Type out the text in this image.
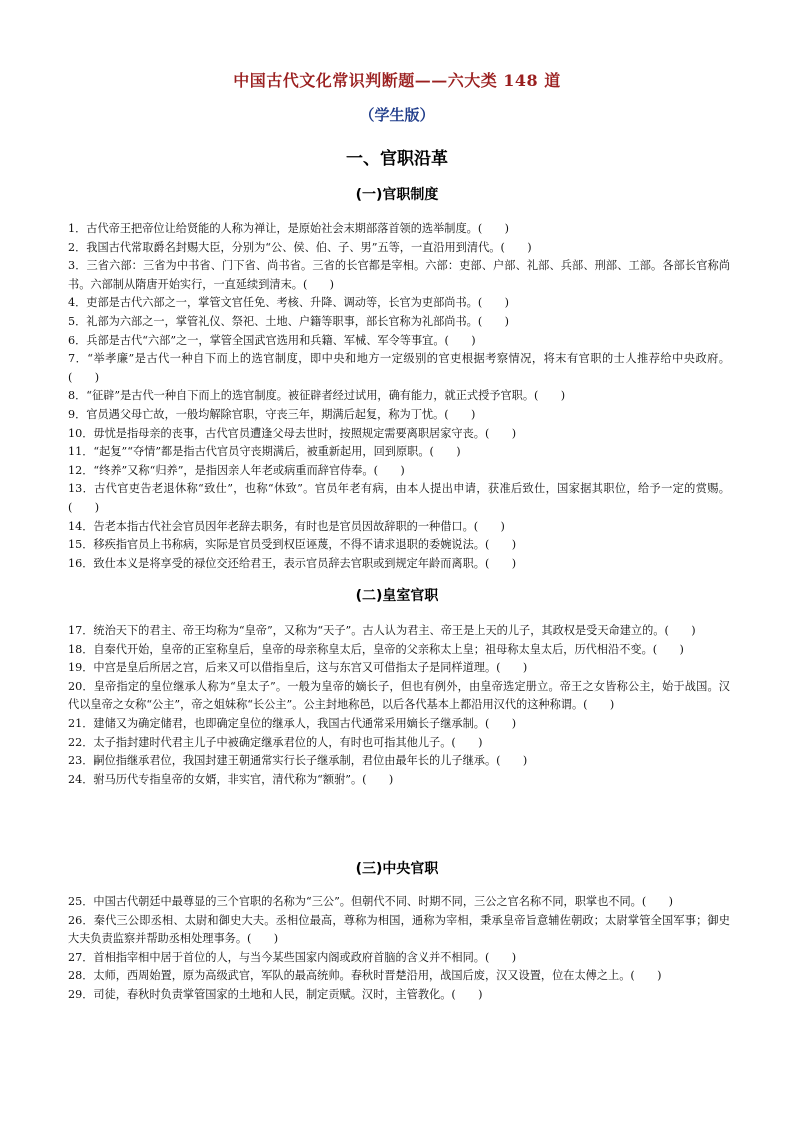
中国古代文化常识判断题——六大类 148 道
（学生版）
一、官职沿革
(一)官职制度
1．古代帝王把帝位让给贤能的人称为禅让，是原始社会末期部落首领的选举制度。(　　)
2．我国古代常取爵名封赐大臣，分别为“公、侯、伯、子、男”五等，一直沿用到清代。(　　)
3．三省六部：三省为中书省、门下省、尚书省。三省的长官都是宰相。六部：吏部、户部、礼部、兵部、刑部、工部。各部长官称尚书。六部制从隋唐开始实行，一直延续到清末。(　　)
4．吏部是古代六部之一，掌管文官任免、考核、升降、调动等，长官为吏部尚书。(　　)
5．礼部为六部之一，掌管礼仪、祭祀、土地、户籍等职事，部长官称为礼部尚书。(　　)
6．兵部是古代“六部”之一，掌管全国武官选用和兵籍、军械、军令等事宜。(　　)
7．“举孝廉”是古代一种自下而上的选官制度，即中央和地方一定级别的官吏根据考察情况，将末有官职的士人推荐给中央政府。(　　)
8．“征辟”是古代一种自下而上的选官制度。被征辟者经过试用，确有能力，就正式授予官职。(　　)
9．官员遇父母亡故，一般均解除官职，守丧三年，期满后起复，称为丁忧。(　　)
10．毋忧是指母亲的丧事，古代官员遭逢父母去世时，按照规定需要离职居家守丧。(　　)
11．“起复”“夺情”都是指古代官员守丧期满后，被重新起用，回到原职。(　　)
12．“终养”又称“归养”，是指因亲人年老或病重而辞官侍奉。(　　)
13．古代官吏告老退休称“致仕”，也称“休致”。官员年老有病，由本人提出申请，获准后致仕，国家据其职位，给予一定的赏赐。(　　)
14．告老本指古代社会官员因年老辞去职务，有时也是官员因故辞职的一种借口。(　　)
15．移疾指官员上书称病，实际是官员受到权臣诬蔑，不得不请求退职的委婉说法。(　　)
16．致仕本义是将享受的禄位交还给君王，表示官员辞去官职或到规定年龄而离职。(　　)
(二)皇室官职
17．统治天下的君主、帝王均称为“皇帝”，又称为“天子”。古人认为君主、帝王是上天的儿子，其政权是受天命建立的。(　　)
18．自秦代开始，皇帝的正室称皇后，皇帝的母亲称皇太后，皇帝的父亲称太上皇；祖母称太皇太后，历代相沿不变。(　　)
19．中宫是皇后所居之宫，后来又可以借指皇后，这与东宫又可借指太子是同样道理。(　　)
20．皇帝指定的皇位继承人称为“皇太子”。一般为皇帝的嫡长子，但也有例外，由皇帝选定册立。帝王之女皆称公主，始于战国。汉代以皇帝之女称“公主”，帝之姐妹称“长公主”。公主封地称邑，以后各代基本上都沿用汉代的这种称谓。(　　)
21．建储又为确定储君，也即确定皇位的继承人，我国古代通常采用嫡长子继承制。(　　)
22．太子指封建时代君主儿子中被确定继承君位的人，有时也可指其他儿子。(　　)
23．嗣位指继承君位，我国封建王朝通常实行长子继承制，君位由最年长的儿子继承。(　　)
24．驸马历代专指皇帝的女婿，非实官，清代称为“额驸”。(　　)
(三)中央官职
25．中国古代朝廷中最尊显的三个官职的名称为“三公”。但朝代不同、时期不同，三公之官名称不同，职掌也不同。(　　)
26．秦代三公即丞相、太尉和御史大夫。丞相位最高，尊称为相国，通称为宰相，秉承皇帝旨意辅佐朝政；太尉掌管全国军事；御史大夫负责监察并帮助丞相处理事务。(　　)
27．首相指宰相中居于首位的人，与当今某些国家内阁或政府首脑的含义并不相同。(　　)
28．太师，西周始置，原为高级武官，军队的最高统帅。春秋时晋楚沿用，战国后废，汉又设置，位在太傅之上。(　　)
29．司徒，春秋时负责掌管国家的土地和人民，制定贡赋。汉时，主管教化。(　　)
